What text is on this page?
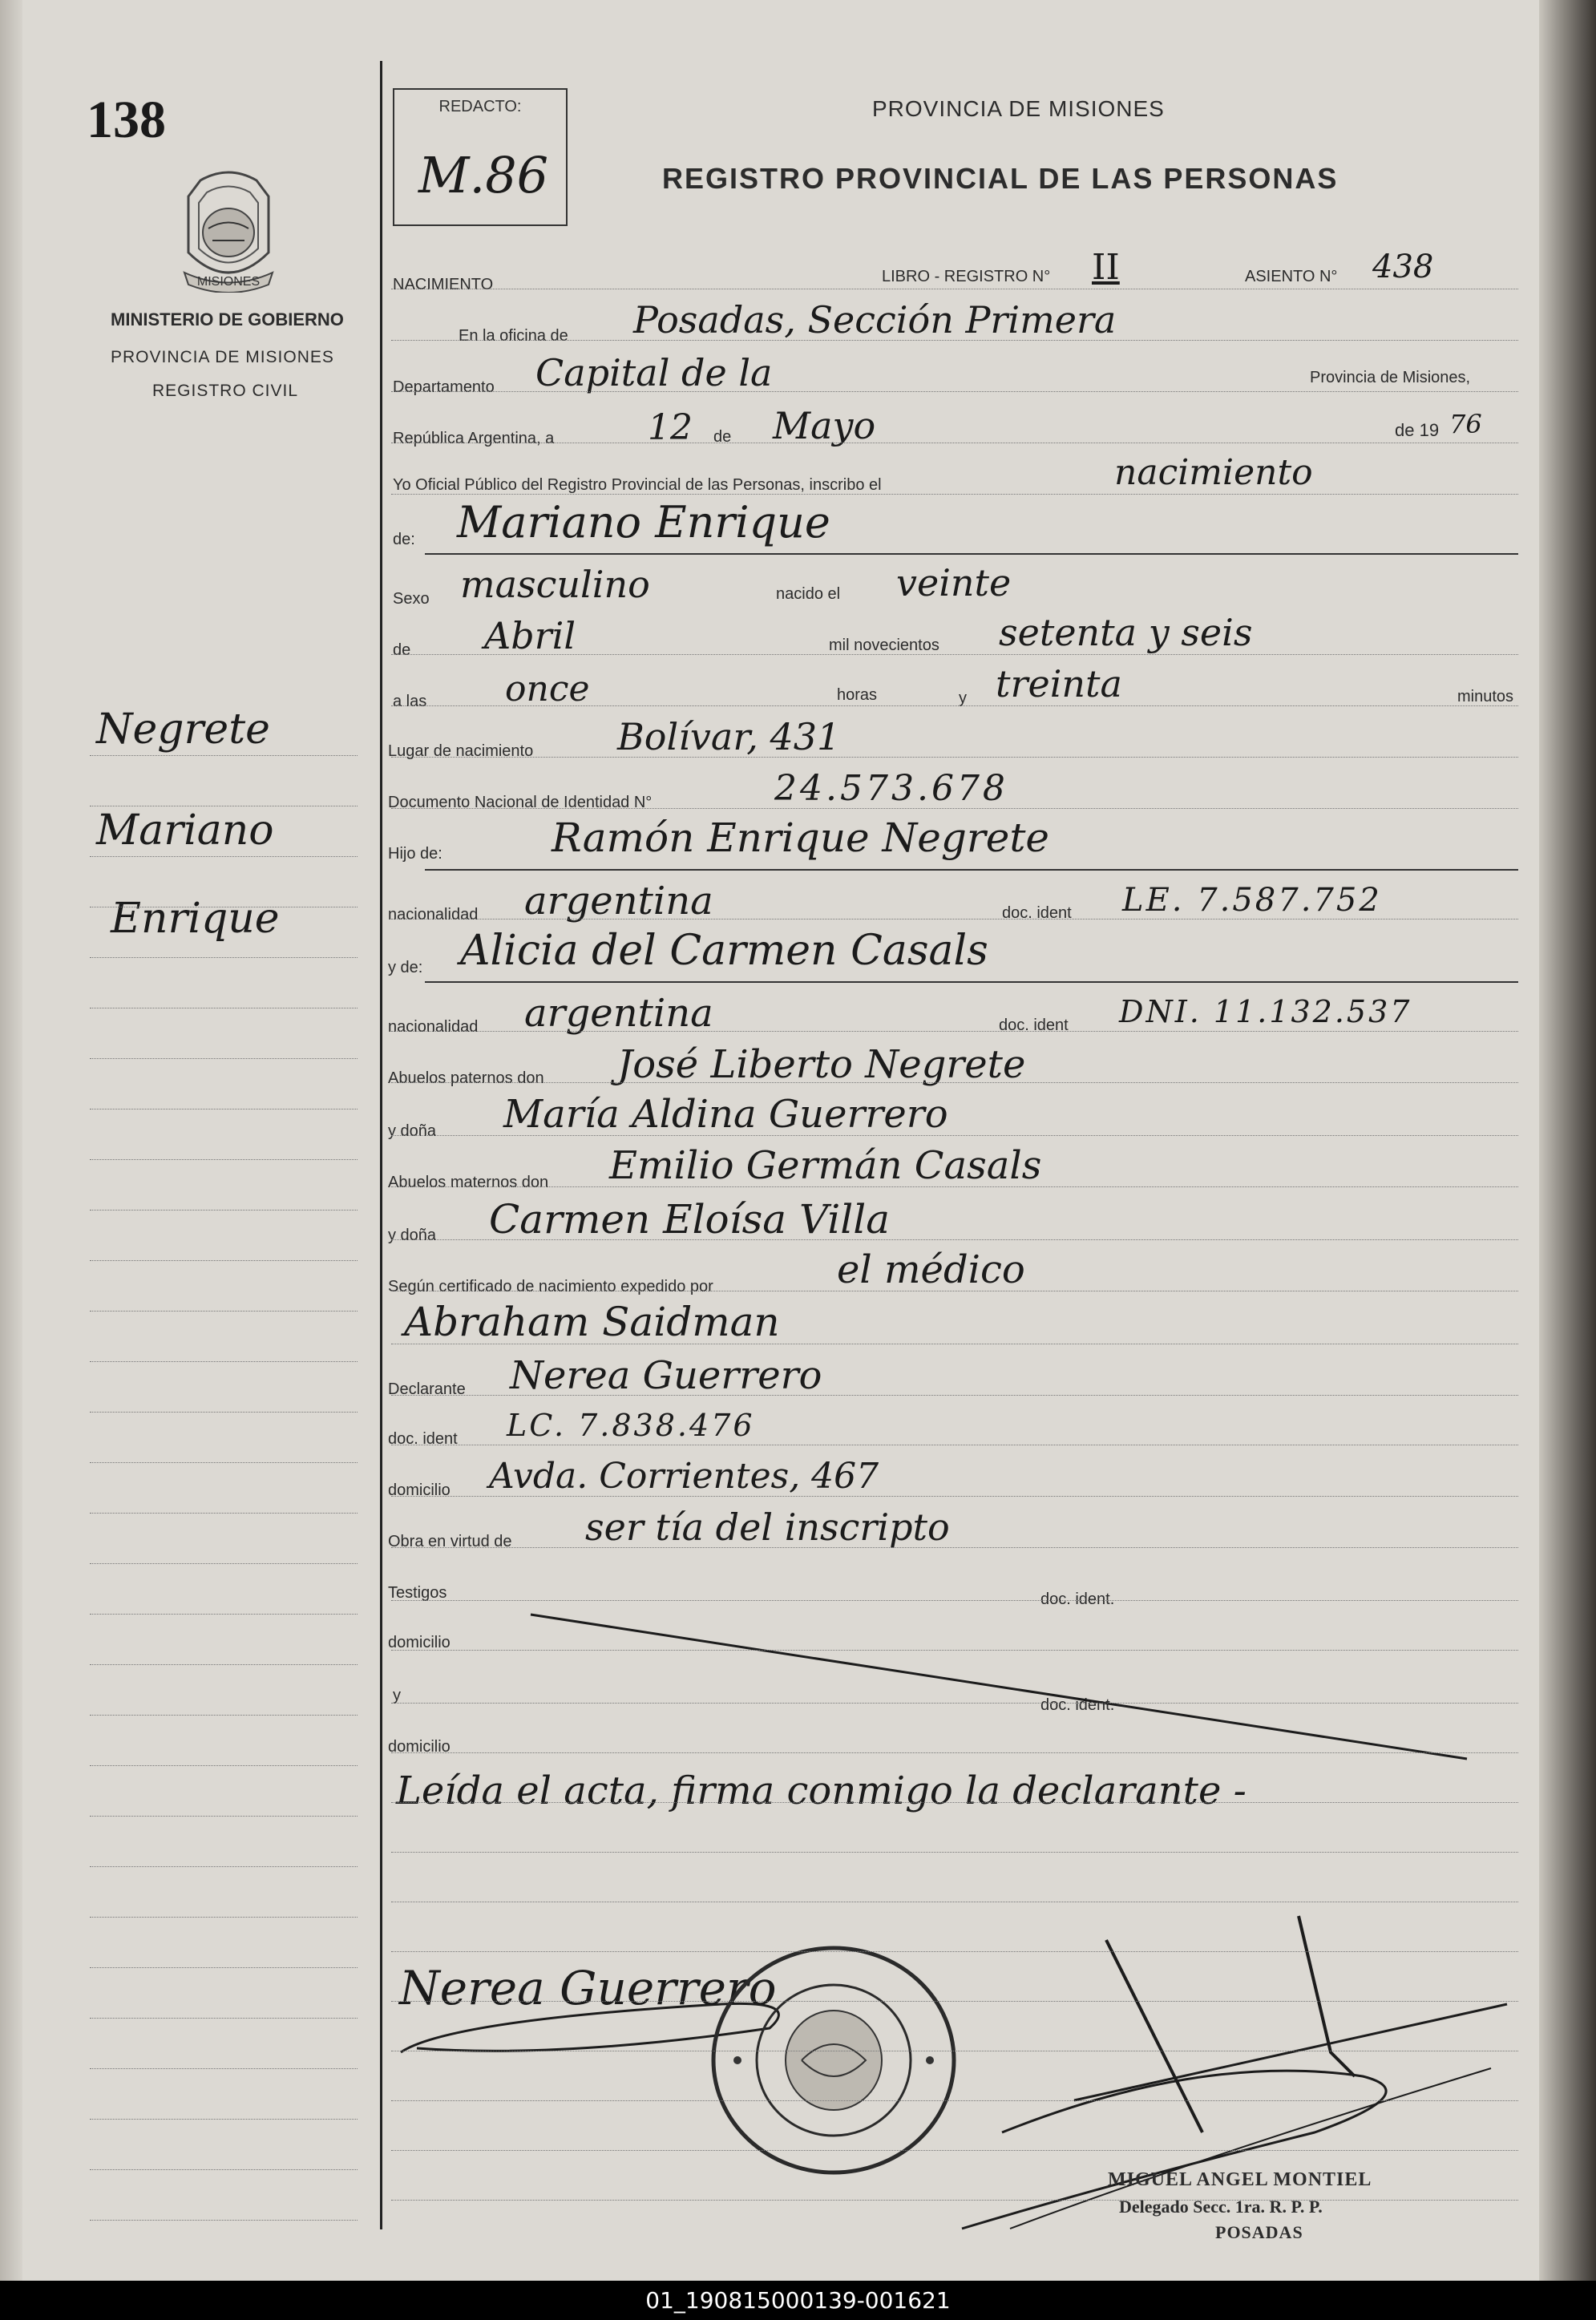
138
MISIONES
MINISTERIO DE GOBIERNO
PROVINCIA DE MISIONES
REGISTRO CIVIL
Negrete
Mariano
Enrique
REDACTO:
M.86
PROVINCIA DE MISIONES
REGISTRO PROVINCIAL DE LAS PERSONAS
NACIMIENTO	LIBRO - REGISTRO N° II	ASIENTO N° 438
En la oficina de Posadas, Sección Primera
Departamento Capital de la	Provincia de Misiones,
República Argentina, a	12 de Mayo	de 19 76
Yo Oficial Público del Registro Provincial de las Personas, inscribo el	nacimiento
de: Mariano Enrique
Sexo masculino	nacido el veinte
de Abril	mil novecientos setenta y seis
a las once	horas	y treinta	minutos
Lugar de nacimiento Bolívar, 431
Documento Nacional de Identidad N°	24.573.678
Hijo de:	Ramón Enrique Negrete
nacionalidad argentina	doc. ident LE. 7.587.752
y de: Alicia del Carmen Casals
nacionalidad argentina	doc. ident DNI. 11.132.537
Abuelos paternos don José Liberto Negrete
y doña María Aldina Guerrero
Abuelos maternos don Emilio Germán Casals
y doña Carmen Eloísa Villa
Según certificado de nacimiento expedido por	el médico
Abraham Saidman
Declarante Nerea Guerrero
doc. ident LC. 7.838.476
domicilio Avda. Corrientes, 467
Obra en virtud de ser tía del inscripto
Testigos	doc. ident.
domicilio
y
doc. ident.
domicilio
Leída el acta, firma conmigo la declarante -
Nerea Guerrero
MIGUEL ANGEL MONTIEL
Delegado Secc. 1ra. R. P. P.
POSADAS
01_190815000139-001621
